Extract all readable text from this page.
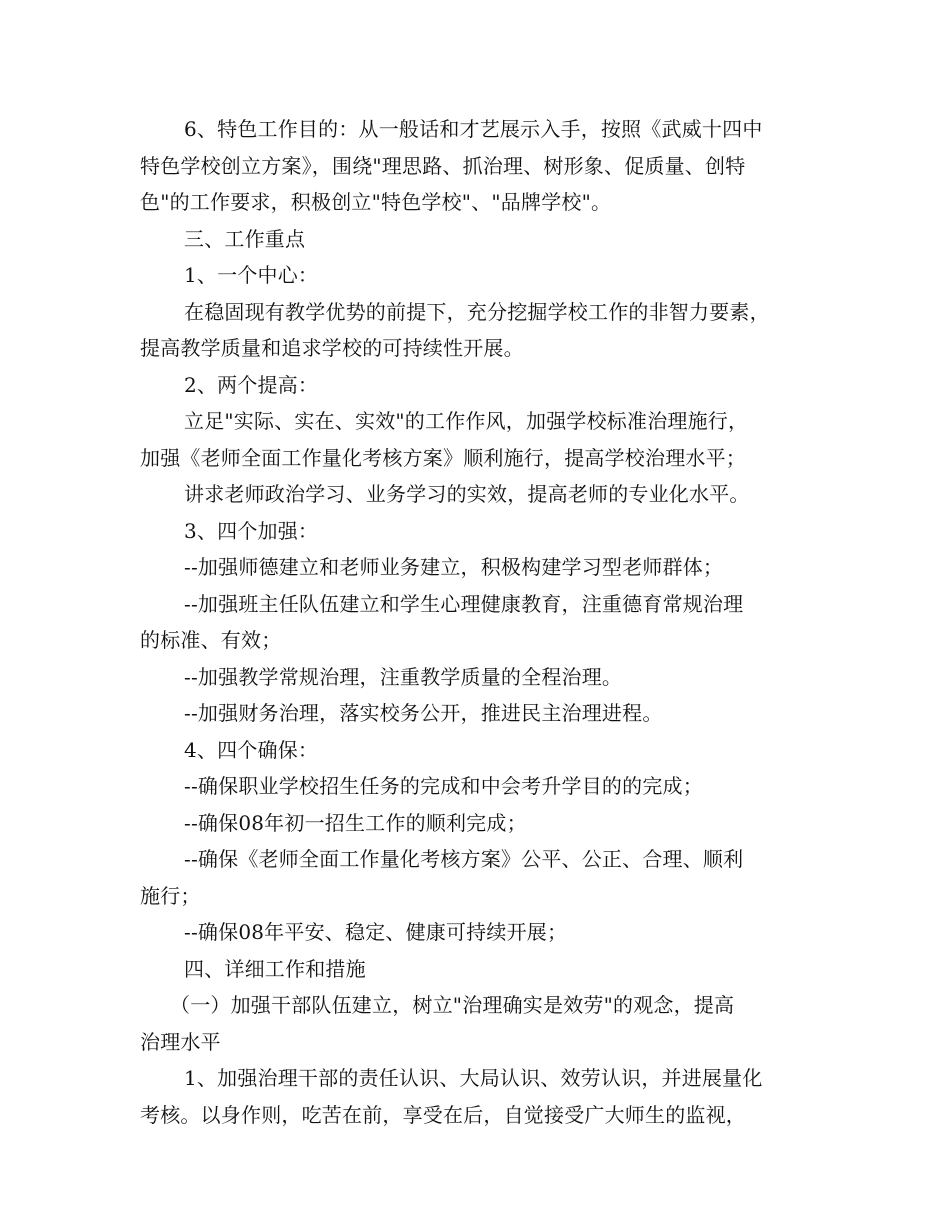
6、特色工作目的：从一般话和才艺展示入手，按照《武威十四中
特色学校创立方案》，围绕"理思路、抓治理、树形象、促质量、创特
色"的工作要求，积极创立"特色学校"、"品牌学校"。
三、工作重点
1、一个中心：
在稳固现有教学优势的前提下，充分挖掘学校工作的非智力要素，
提高教学质量和追求学校的可持续性开展。
2、两个提高：
立足"实际、实在、实效"的工作作风，加强学校标准治理施行，
加强《老师全面工作量化考核方案》顺利施行，提高学校治理水平；
讲求老师政治学习、业务学习的实效，提高老师的专业化水平。
3、四个加强：
--加强师德建立和老师业务建立，积极构建学习型老师群体；
--加强班主任队伍建立和学生心理健康教育，注重德育常规治理
的标准、有效；
--加强教学常规治理，注重教学质量的全程治理。
--加强财务治理，落实校务公开，推进民主治理进程。
4、四个确保：
--确保职业学校招生任务的完成和中会考升学目的的完成；
--确保08年初一招生工作的顺利完成；
--确保《老师全面工作量化考核方案》公平、公正、合理、顺利
施行；
--确保08年平安、稳定、健康可持续开展；
四、详细工作和措施
（一）加强干部队伍建立，树立"治理确实是效劳"的观念，提高
治理水平
1、加强治理干部的责任认识、大局认识、效劳认识，并进展量化
考核。以身作则，吃苦在前，享受在后，自觉接受广大师生的监视，
